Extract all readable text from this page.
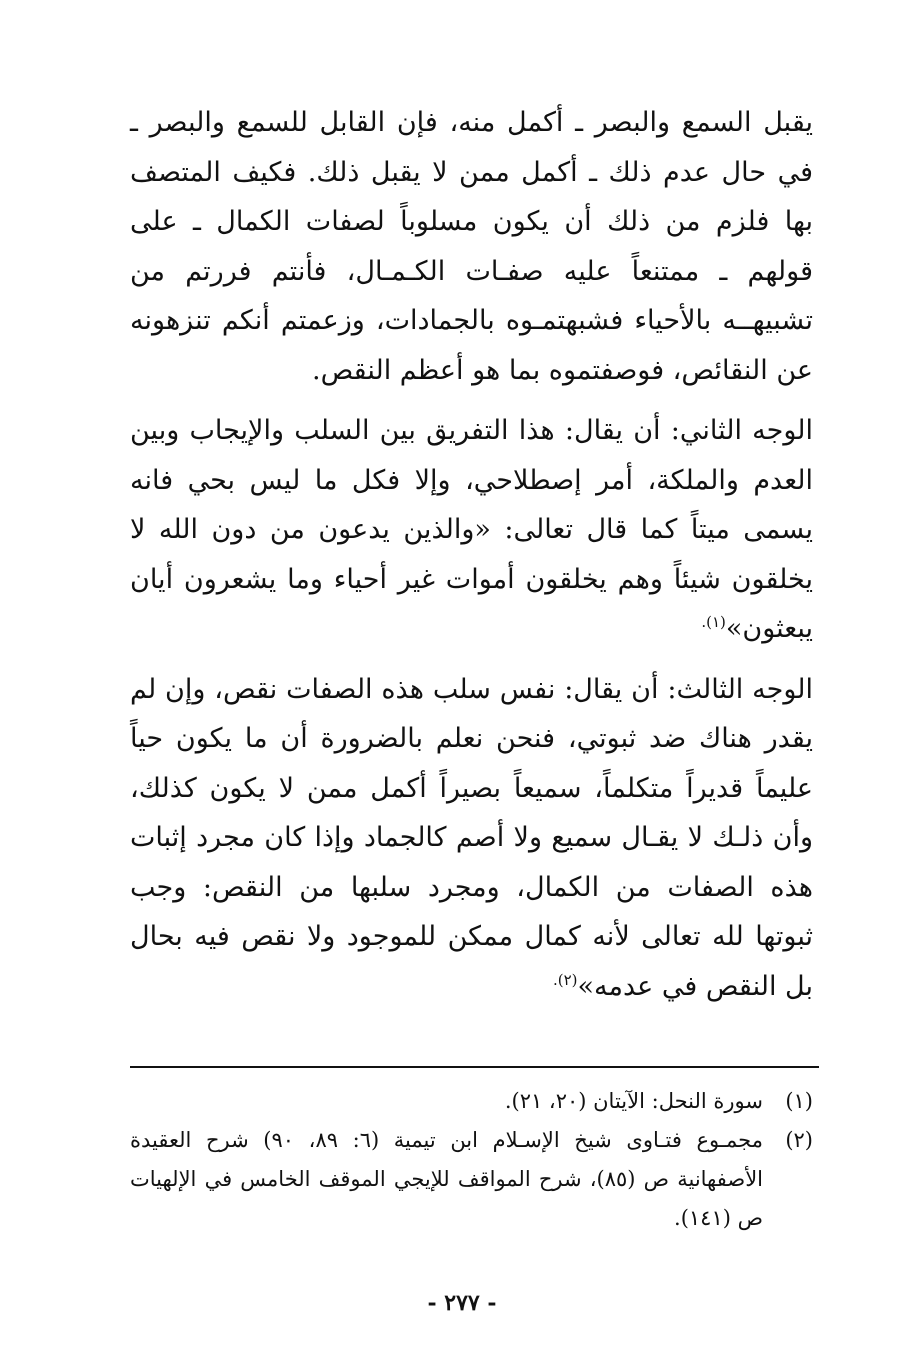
يقبل السمع والبصر ـ أكمل منه، فإن القابل للسمع والبصر ـ في حال عدم ذلك ـ أكمل ممن لا يقبل ذلك. فكيف المتصف بها فلزم من ذلك أن يكون مسلوباً لصفات الكمال ـ على قولهم ـ ممتنعاً عليه صفـات الكـمـال، فأنتم فررتم من تشبيهــه بالأحياء فشبهتمـوه بالجمادات، وزعمتم أنكم تنزهونه عن النقائص، فوصفتموه بما هو أعظم النقص.

الوجه الثاني: أن يقال: هذا التفريق بين السلب والإيجاب وبين العدم والملكة، أمر إصطلاحي، وإلا فكل ما ليس بحي فانه يسمى ميتاً كما قال تعالى: «والذين يدعون من دون الله لا يخلقون شيئاً وهم يخلقون أموات غير أحياء وما يشعرون أيان يبعثون»$^{(١).}$

الوجه الثالث: أن يقال: نفس سلب هذه الصفات نقص، وإن لم يقدر هناك ضد ثبوتي، فنحن نعلم بالضرورة أن ما يكون حياً عليماً قديراً متكلماً، سميعاً بصيراً أكمل ممن لا يكون كذلك، وأن ذلـك لا يقـال سميع ولا أصم كالجماد وإذا كان مجرد إثبات هذه الصفات من الكمال، ومجرد سلبها من النقص: وجب ثبوتها لله تعالى لأنه كمال ممكن للموجود ولا نقص فيه بحال بل النقص في عدمه»$^{(٢).}$

(١)
سورة النحل: الآيتان (٢٠، ٢١).
(٢)
مجمـوع فتـاوى شيخ الإسـلام ابن تيمية (٦: ٨٩، ٩٠) شرح العقيدة الأصفهانية ص (٨٥)، شرح المواقف للإيجي الموقف الخامس في الإلهيات ص (١٤١).
- ٢٧٧ -
